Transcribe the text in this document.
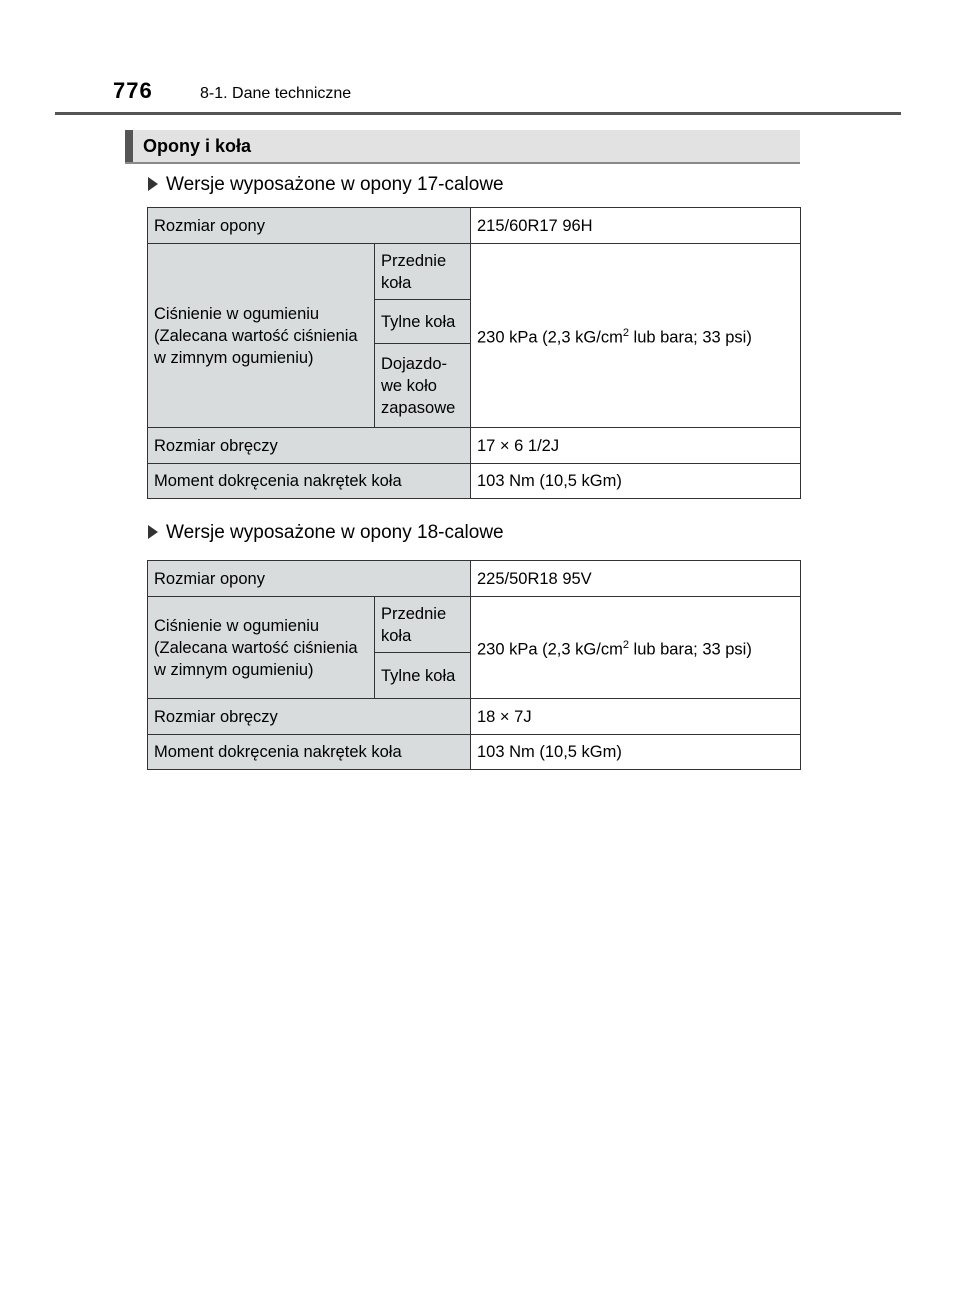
776	8-1. Dane techniczne
Opony i koła
Wersje wyposażone w opony 17-calowe
Rozmiar opony		215/60R17 96H
Ciśnienie w ogumieniu (Zalecana wartość ciśnienia w zimnym ogumieniu)	Przednie koła	230 kPa (2,3 $kG/cm^2$ lub bara; 33 psi)
	Tylne koła	
	Dojazdo-we koło zapasowe	
Rozmiar obręczy		17 × 6 1/2J
Moment dokręcenia nakrętek koła		103 Nm (10,5 kGm)
Wersje wyposażone w opony 18-calowe
Rozmiar opony		225/50R18 95V
Ciśnienie w ogumieniu (Zalecana wartość ciśnienia w zimnym ogumieniu)	Przednie koła	230 kPa (2,3 $kG/cm^2$ lub bara; 33 psi)
	Tylne koła	
Rozmiar obręczy		18 × 7J
Moment dokręcenia nakrętek koła		103 Nm (10,5 kGm)
